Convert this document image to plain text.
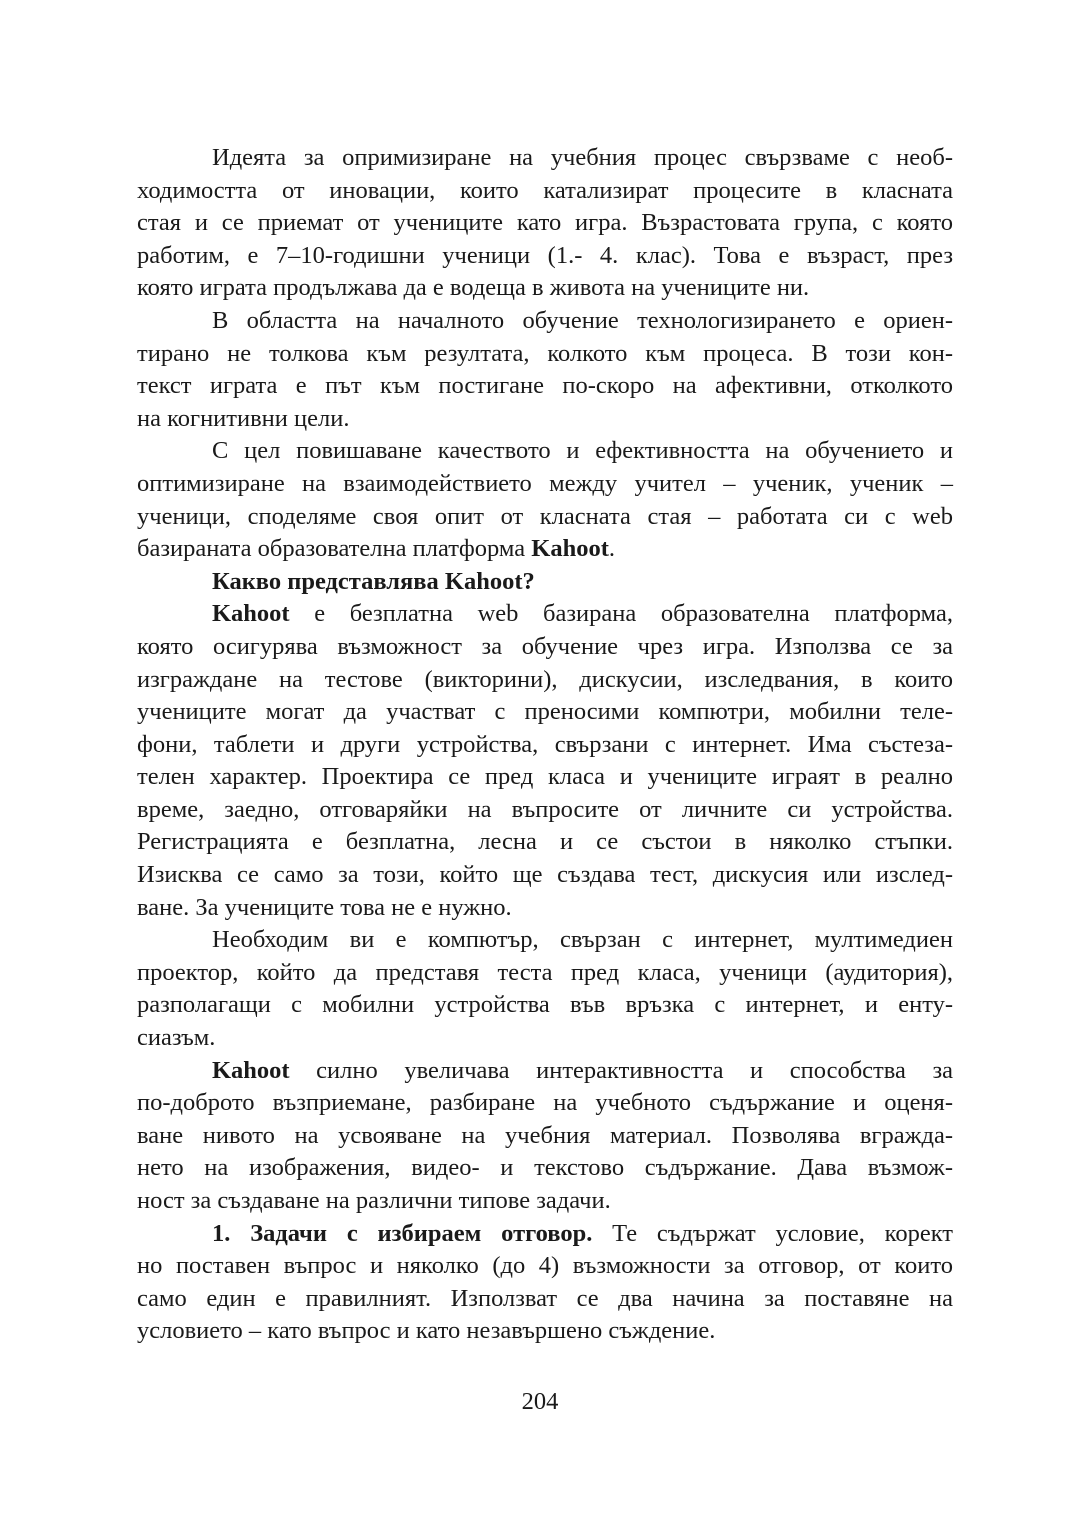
Идеята за опримизиране на учебния процес свързваме с необ-
ходимостта от иновации, които катализират процесите в класната
стая и се приемат от учениците като игра. Възрастовата група, с която
работим, е 7–10-годишни ученици (1.- 4. клас). Това е възраст, през
която играта продължава да е водеща в живота на учениците ни.
В областта на началното обучение технологизирането е ориен-
тирано не толкова към резултата, колкото към процеса. В този кон-
текст играта е път към постигане по-скоро на афективни, отколкото
на когнитивни цели.
С цел повишаване качеството и ефективността на обучението и
оптимизиране на взаимодействието между учител – ученик, ученик –
ученици, споделяме своя опит от класната стая – работата си с web
базираната образователна платформа Kahoot.
Какво представлява Kahoot?
Kahoot е безплатна web базирана образователна платформа,
която осигурява възможност за обучение чрез игра. Използва се за
изграждане на тестове (викторини), дискусии, изследвания, в които
учениците могат да участват с преносими компютри, мобилни теле-
фони, таблети и други устройства, свързани с интернет. Има състеза-
телен характер. Проектира се пред класа и учениците играят в реално
време, заедно, отговаряйки на въпросите от личните си устройства.
Регистрацията е безплатна, лесна и се състои в няколко стъпки.
Изисква се само за този, който ще създава тест, дискусия или изслед-
ване. За учениците това не е нужно.
Необходим ви е компютър, свързан с интернет, мултимедиен
проектор, който да представя теста пред класа, ученици (аудитория),
разполагащи с мобилни устройства във връзка с интернет, и енту-
сиазъм.
Kahoot силно увеличава интерактивността и способства за
по-доброто възприемане, разбиране на учебното съдържание и оценя-
ване нивото на усвояване на учебния материал. Позволява вгражда-
нето на изображения, видео- и текстово съдържание. Дава възмож-
ност за създаване на различни типове задачи.
1. Задачи с избираем отговор. Те съдържат условие, корект
но поставен въпрос и няколко (до 4) възможности за отговор, от които
само един е правилният. Използват се два начина за поставяне на
условието – като въпрос и като незавършено съждение.
204
